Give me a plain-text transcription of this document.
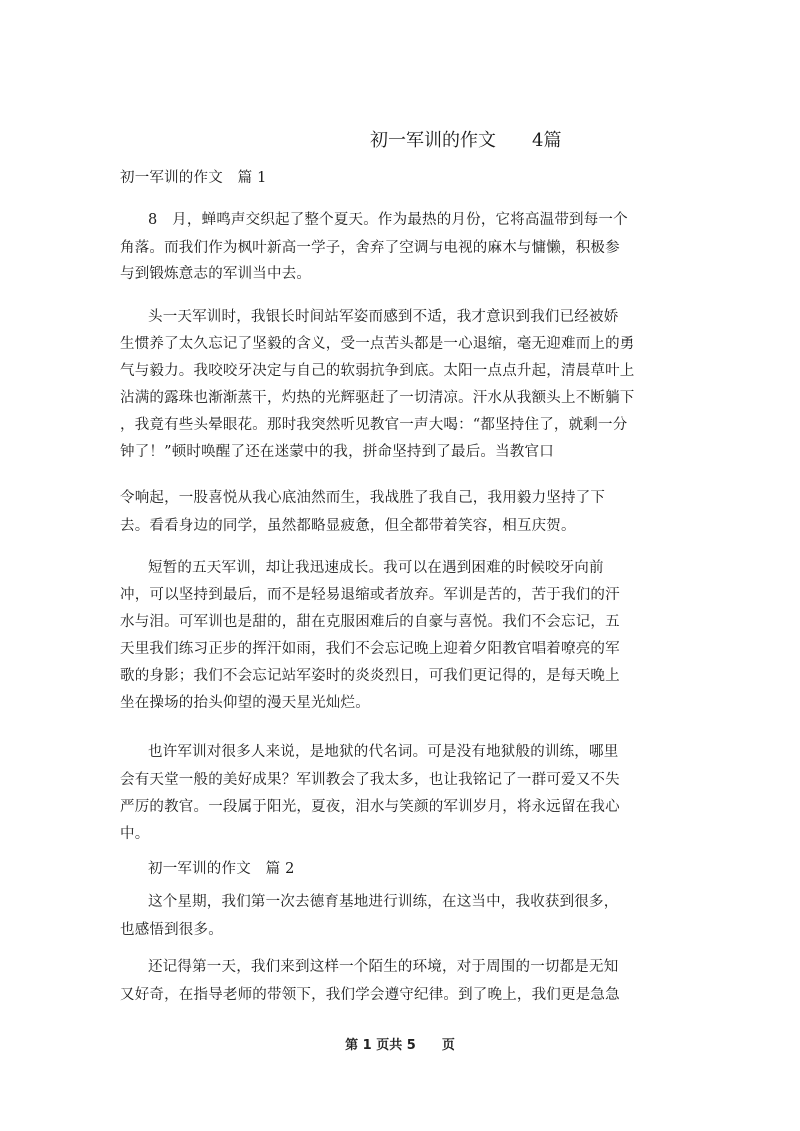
初一军训的作文 4篇
初一军训的作文　篇 1
8　月，蝉鸣声交织起了整个夏天。作为最热的月份，它将高温带到每一个
角落。而我们作为枫叶新高一学子，舍弃了空调与电视的麻木与慵懒，积极参
与到锻炼意志的军训当中去。
头一天军训时，我银长时间站军姿而感到不适，我才意识到我们已经被娇
生惯养了太久忘记了坚毅的含义，受一点苦头都是一心退缩，毫无迎难而上的勇
气与毅力。我咬咬牙决定与自己的软弱抗争到底。太阳一点点升起，清晨草叶上
沾满的露珠也渐渐蒸干，灼热的光辉驱赶了一切清凉。汗水从我额头上不断躺下
，我竟有些头晕眼花。那时我突然听见教官一声大喝：“都坚持住了，就剩一分
钟了！”顿时唤醒了还在迷蒙中的我，拼命坚持到了最后。当教官口
令响起，一股喜悦从我心底油然而生，我战胜了我自己，我用毅力坚持了下
去。看看身边的同学，虽然都略显疲惫，但全都带着笑容，相互庆贺。
短暂的五天军训，却让我迅速成长。我可以在遇到困难的时候咬牙向前
冲，可以坚持到最后，而不是轻易退缩或者放弃。军训是苦的，苦于我们的汗
水与泪。可军训也是甜的，甜在克服困难后的自豪与喜悦。我们不会忘记，五
天里我们练习正步的挥汗如雨，我们不会忘记晚上迎着夕阳教官唱着嘹亮的军
歌的身影；我们不会忘记站军姿时的炎炎烈日，可我们更记得的，是每天晚上
坐在操场的抬头仰望的漫天星光灿烂。
也许军训对很多人来说，是地狱的代名词。可是没有地狱般的训练，哪里
会有天堂一般的美好成果？军训教会了我太多，也让我铭记了一群可爱又不失
严厉的教官。一段属于阳光，夏夜，泪水与笑颜的军训岁月，将永远留在我心
中。
初一军训的作文　篇 2
这个星期，我们第一次去德育基地进行训练，在这当中，我收获到很多，
也感悟到很多。
还记得第一天，我们来到这样一个陌生的环境，对于周围的一切都是无知
又好奇，在指导老师的带领下，我们学会遵守纪律。到了晚上，我们更是急急
第 1 页共 5　　页
